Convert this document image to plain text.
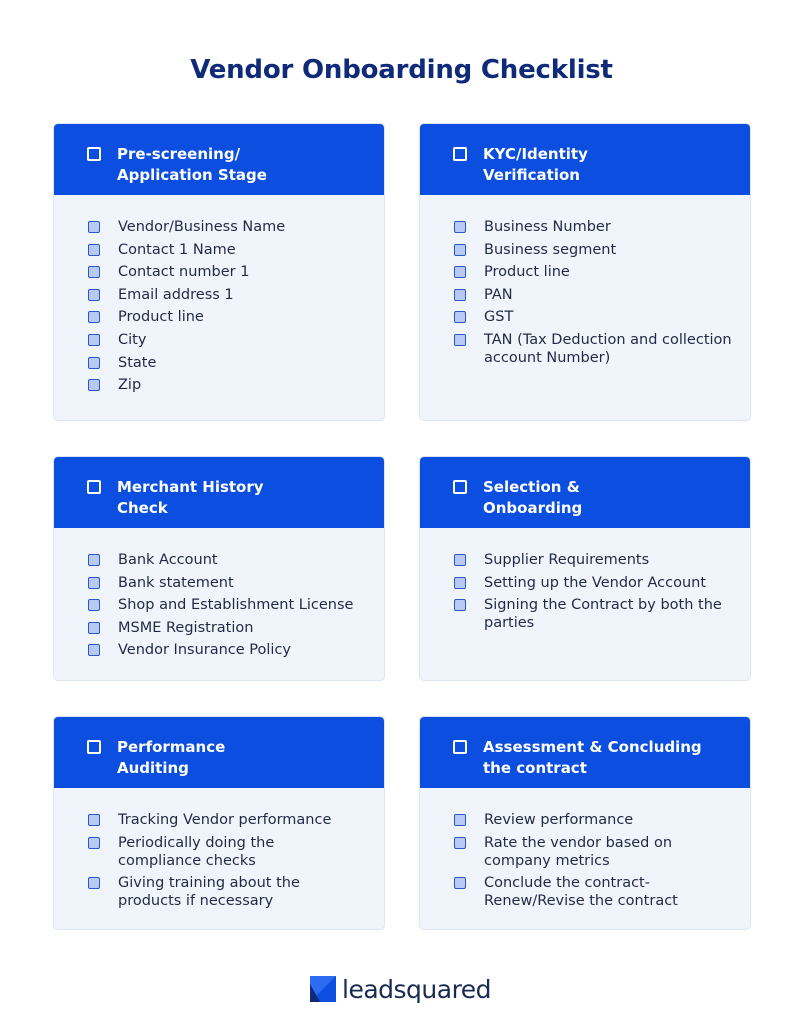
Vendor Onboarding Checklist
Pre-screening/ Application Stage
Vendor/Business Name
Contact 1 Name
Contact number 1
Email address 1
Product line
City
State
Zip
KYC/Identity Verification
Business Number
Business segment
Product line
PAN
GST
TAN (Tax Deduction and collection account Number)
Merchant History Check
Bank Account
Bank statement
Shop and Establishment License
MSME Registration
Vendor Insurance Policy
Selection & Onboarding
Supplier Requirements
Setting up the Vendor Account
Signing the Contract by both the parties
Performance Auditing
Tracking Vendor performance
Periodically doing the compliance checks
Giving training about the products if necessary
Assessment & Concluding the contract
Review performance
Rate the vendor based on company metrics
Conclude the contract- Renew/Revise the contract
leadsquared
